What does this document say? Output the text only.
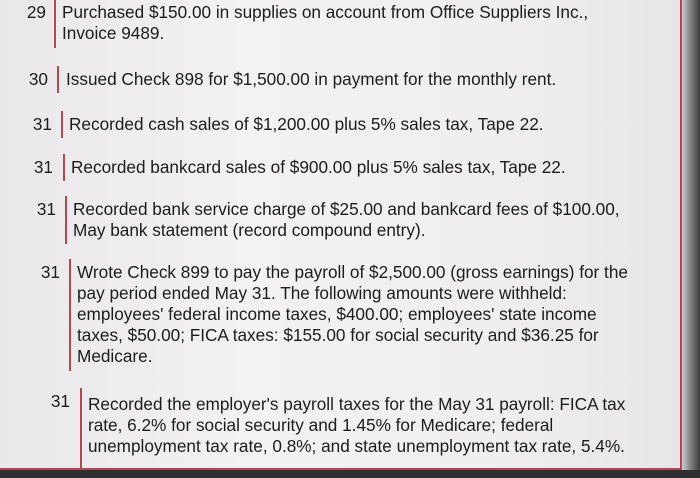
29 Purchased $150.00 in supplies on account from Office Suppliers Inc.,
Invoice 9489.
30 Issued Check 898 for $1,500.00 in payment for the monthly rent.
31 Recorded cash sales of $1,200.00 plus 5% sales tax, Tape 22.
31 Recorded bankcard sales of $900.00 plus 5% sales tax, Tape 22.
31 Recorded bank service charge of $25.00 and bankcard fees of $100.00,
May bank statement (record compound entry).
31 Wrote Check 899 to pay the payroll of $2,500.00 (gross earnings) for the
pay period ended May 31. The following amounts were withheld:
employees' federal income taxes, $400.00; employees' state income
taxes, $50.00; FICA taxes: $155.00 for social security and $36.25 for
Medicare.
31 Recorded the employer's payroll taxes for the May 31 payroll: FICA tax
rate, 6.2% for social security and 1.45% for Medicare; federal
unemployment tax rate, 0.8%; and state unemployment tax rate, 5.4%.
